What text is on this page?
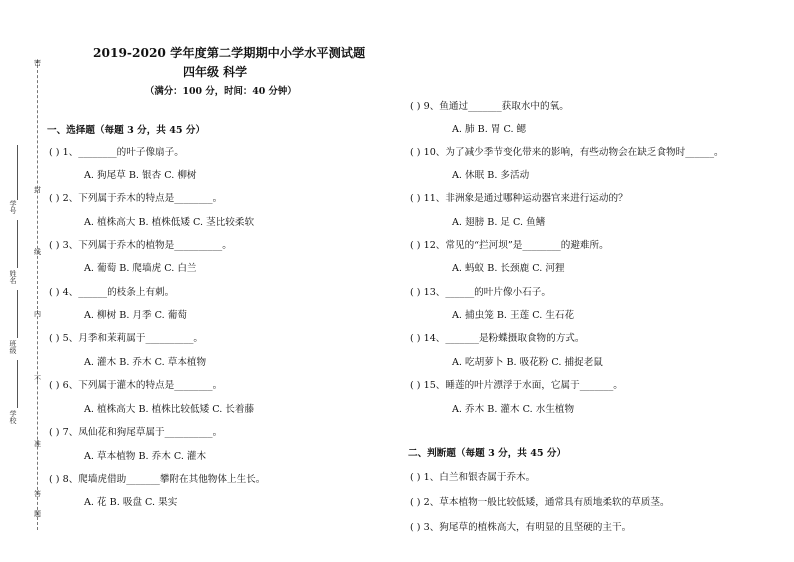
密
封
线
内
不
准
答
题
学号
姓名
班级
学校
2019-2020 学年度第二学期期中小学水平测试题
四年级 科学
（满分：100 分，时间：40 分钟）
一、选择题（每题 3 分，共 45 分）
( ) 1、________的叶子像扇子。
A. 狗尾草 B. 银杏 C. 柳树
( ) 2、下列属于乔木的特点是________。
A. 植株高大 B. 植株低矮 C. 茎比较柔软
( ) 3、下列属于乔木的植物是__________。
A. 葡萄 B. 爬墙虎 C. 白兰
( ) 4、______的枝条上有刺。
A. 柳树 B. 月季 C. 葡萄
( ) 5、月季和茉莉属于__________。
A. 灌木 B. 乔木 C. 草本植物
( ) 6、下列属于灌木的特点是________。
A. 植株高大 B. 植株比较低矮 C. 长着藤
( ) 7、凤仙花和狗尾草属于__________。
A. 草本植物 B. 乔木 C. 灌木
( ) 8、爬墙虎借助_______攀附在其他物体上生长。
A. 花 B. 吸盘 C. 果实
( ) 9、鱼通过_______获取水中的氧。
A. 肺 B. 胃 C. 鳃
( ) 10、为了减少季节变化带来的影响，有些动物会在缺乏食物时______。
A. 休眠 B. 多活动
( ) 11、非洲象是通过哪种运动器官来进行运动的？
A. 翅膀 B. 足 C. 鱼鳍
( ) 12、常见的“拦河坝”是________的避难所。
A. 蚂蚁 B. 长颈鹿 C. 河狸
( ) 13、______的叶片像小石子。
A. 捕虫笼 B. 王莲 C. 生石花
( ) 14、_______是粉蝶摄取食物的方式。
A. 吃胡萝卜 B. 吸花粉 C. 捕捉老鼠
( ) 15、睡莲的叶片漂浮于水面，它属于_______。
A. 乔木 B. 灌木 C. 水生植物
二、判断题（每题 3 分，共 45 分）
( ) 1、白兰和银杏属于乔木。
( ) 2、草本植物一般比较低矮，通常具有质地柔软的草质茎。
( ) 3、狗尾草的植株高大，有明显的且坚硬的主干。
